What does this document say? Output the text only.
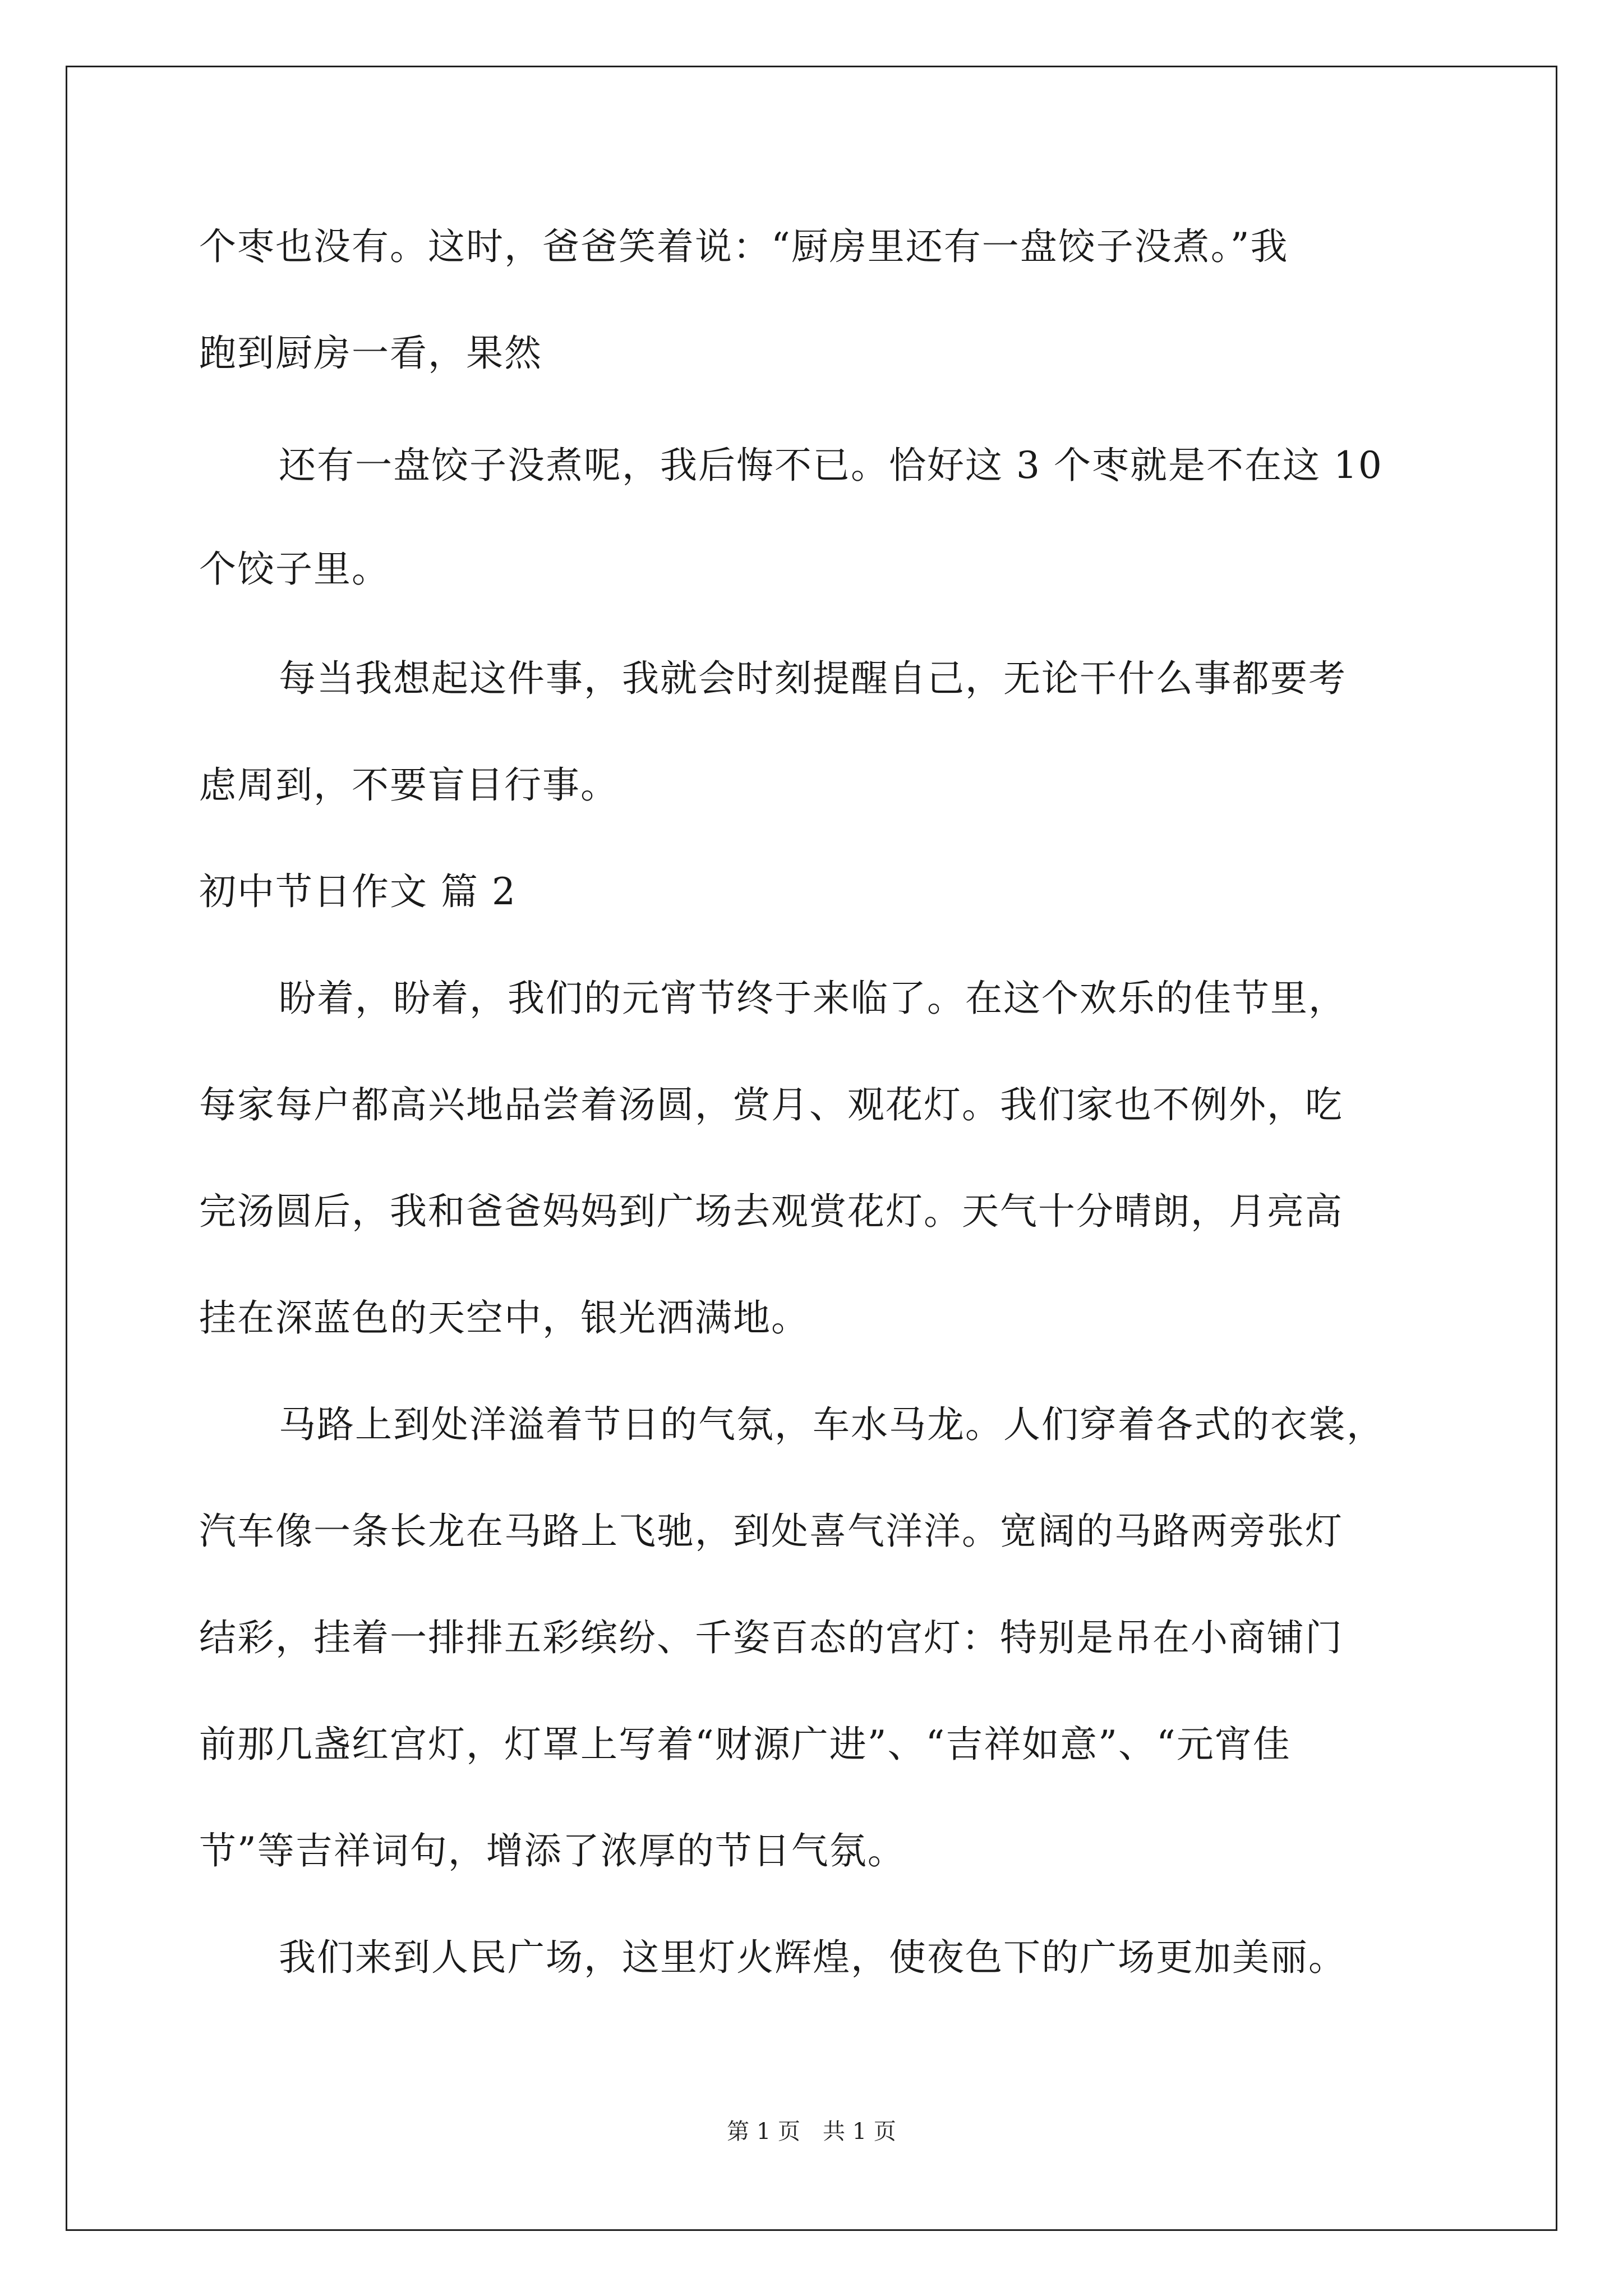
个枣也没有。这时，爸爸笑着说：“厨房里还有一盘饺子没煮。”我
跑到厨房一看，果然
还有一盘饺子没煮呢，我后悔不已。恰好这 3 个枣就是不在这 10
个饺子里。
每当我想起这件事，我就会时刻提醒自己，无论干什么事都要考
虑周到，不要盲目行事。
初中节日作文 篇 2
盼着，盼着，我们的元宵节终于来临了。在这个欢乐的佳节里，
每家每户都高兴地品尝着汤圆，赏月、观花灯。我们家也不例外，吃
完汤圆后，我和爸爸妈妈到广场去观赏花灯。天气十分晴朗，月亮高
挂在深蓝色的天空中，银光洒满地。
马路上到处洋溢着节日的气氛，车水马龙。人们穿着各式的衣裳，
汽车像一条长龙在马路上飞驰，到处喜气洋洋。宽阔的马路两旁张灯
结彩，挂着一排排五彩缤纷、千姿百态的宫灯：特别是吊在小商铺门
前那几盏红宫灯，灯罩上写着“财源广进”、“吉祥如意”、“元宵佳
节”等吉祥词句，增添了浓厚的节日气氛。
我们来到人民广场，这里灯火辉煌，使夜色下的广场更加美丽。
第 1 页　共 1 页
